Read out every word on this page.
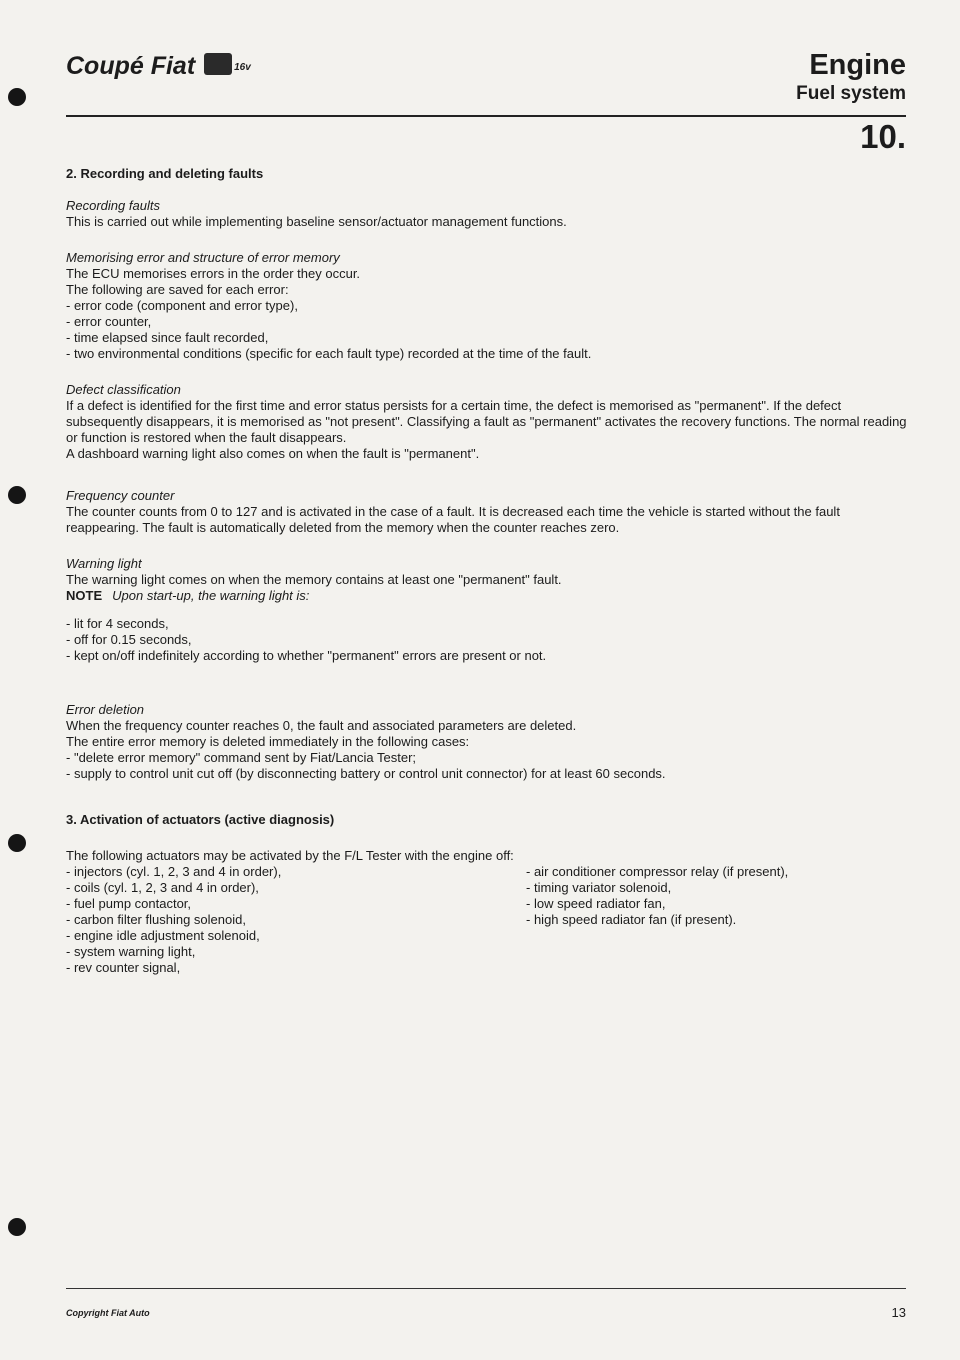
Coupé Fiat	16v	Engine
Fuel system
10.
2. Recording and deleting faults
Recording faults

This is carried out while implementing baseline sensor/actuator management functions.

Memorising error and structure of error memory

The ECU memorises errors in the order they occur.

The following are saved for each error:

- error code (component and error type),
- error counter,
- time elapsed since fault recorded,
- two environmental conditions (specific for each fault type) recorded at the time of the fault.
Defect classification

If a defect is identified for the first time and error status persists for a certain time, the defect is memorised as "permanent". If the defect subsequently disappears, it is memorised as "not present". Classifying a fault as "permanent" activates the recovery functions. The normal reading or function is restored when the fault disappears.

A dashboard warning light also comes on when the fault is "permanent".

Frequency counter

The counter counts from 0 to 127 and is activated in the case of a fault. It is decreased each time the vehicle is started without the fault reappearing. The fault is automatically deleted from the memory when the counter reaches zero.

Warning light

The warning light comes on when the memory contains at least one "permanent" fault.

NOTE Upon start-up, the warning light is:

- lit for 4 seconds,
- off for 0.15 seconds,
- kept on/off indefinitely according to whether "permanent" errors are present or not.
Error deletion

When the frequency counter reaches 0, the fault and associated parameters are deleted.

The entire error memory is deleted immediately in the following cases:

- "delete error memory" command sent by Fiat/Lancia Tester;
- supply to control unit cut off (by disconnecting battery or control unit connector) for at least 60 seconds.
3. Activation of actuators (active diagnosis)

The following actuators may be activated by the F/L Tester with the engine off:

- injectors (cyl. 1, 2, 3 and 4 in order),
- coils (cyl. 1, 2, 3 and 4 in order),
- fuel pump contactor,
- carbon filter flushing solenoid,
- engine idle adjustment solenoid,
- system warning light,
- rev counter signal,
- air conditioner compressor relay (if present),
- timing variator solenoid,
- low speed radiator fan,
- high speed radiator fan (if present).
Copyright Fiat Auto	13
